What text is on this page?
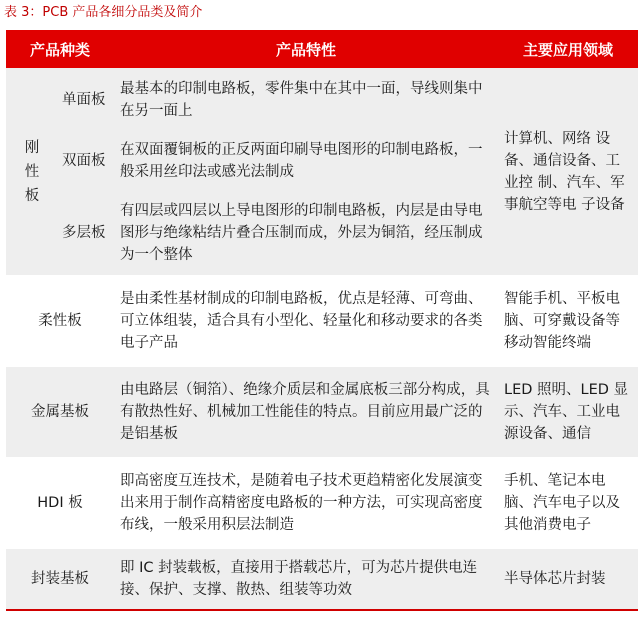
表 3：PCB 产品各细分品类及简介
产品种类		产品特性	主要应用领域
刚性板	单面板	最基本的印制电路板，零件集中在其中一面，导线则集中在另一面上	计算机、网络 设备、通信设备、工业控 制、汽车、军事航空等电 子设备
	双面板	在双面覆铜板的正反两面印刷导电图形的印制电路板，一般采用丝印法或感光法制成	
	多层板	有四层或四层以上导电图形的印制电路板，内层是由导电图形与绝缘粘结片叠合压制而成，外层为铜箔，经压制成为一个整体	
柔性板		是由柔性基材制成的印制电路板，优点是轻薄、可弯曲、可立体组装，适合具有小型化、轻量化和移动要求的各类电子产品	智能手机、平板电脑、可穿戴设备等移动智能终端
金属基板		由电路层（铜箔）、绝缘介质层和金属底板三部分构成，具有散热性好、机械加工性能佳的特点。目前应用最广泛的是铝基板	LED 照明、LED 显示、汽车、工业电源设备、通信
HDI 板		即高密度互连技术，是随着电子技术更趋精密化发展演变出来用于制作高精密度电路板的一种方法，可实现高密度布线，一般采用积层法制造	手机、笔记本电脑、汽车电子以及其他消费电子
封装基板		即 IC 封装载板，直接用于搭载芯片，可为芯片提供电连接、保护、支撑、散热、组装等功效	半导体芯片封装
